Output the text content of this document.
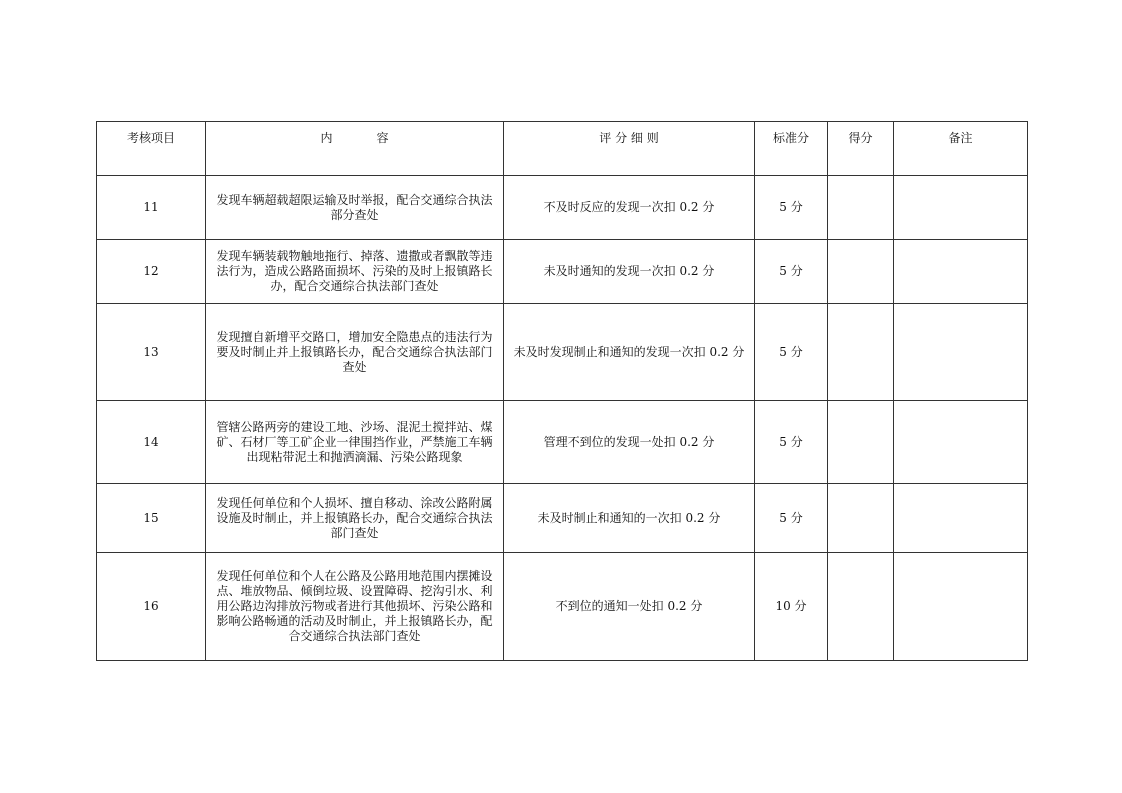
考核项目	内 容	评 分 细 则	标准分	得分	备注
11	发现车辆超载超限运输及时举报，配合交通综合执法部分查处	不及时反应的发现一次扣 0.2 分	5 分		
12	发现车辆装载物触地拖行、掉落、遗撒或者飘散等违法行为，造成公路路面损坏、污染的及时上报镇路长办，配合交通综合执法部门查处	未及时通知的发现一次扣 0.2 分	5 分		
13	发现擅自新增平交路口，增加安全隐患点的违法行为要及时制止并上报镇路长办，配合交通综合执法部门查处	未及时发现制止和通知的发现一次扣 0.2 分	5 分		
14	管辖公路两旁的建设工地、沙场、混泥土搅拌站、煤矿、石材厂等工矿企业一律围挡作业，严禁施工车辆出现粘带泥土和抛洒滴漏、污染公路现象	管理不到位的发现一处扣 0.2 分	5 分		
15	发现任何单位和个人损坏、擅自移动、涂改公路附属设施及时制止，并上报镇路长办，配合交通综合执法部门查处	未及时制止和通知的一次扣 0.2 分	5 分		
16	发现任何单位和个人在公路及公路用地范围内摆摊设点、堆放物品、倾倒垃圾、设置障碍、挖沟引水、利用公路边沟排放污物或者进行其他损坏、污染公路和影响公路畅通的活动及时制止，并上报镇路长办，配合交通综合执法部门查处	不到位的通知一处扣 0.2 分	10 分		
